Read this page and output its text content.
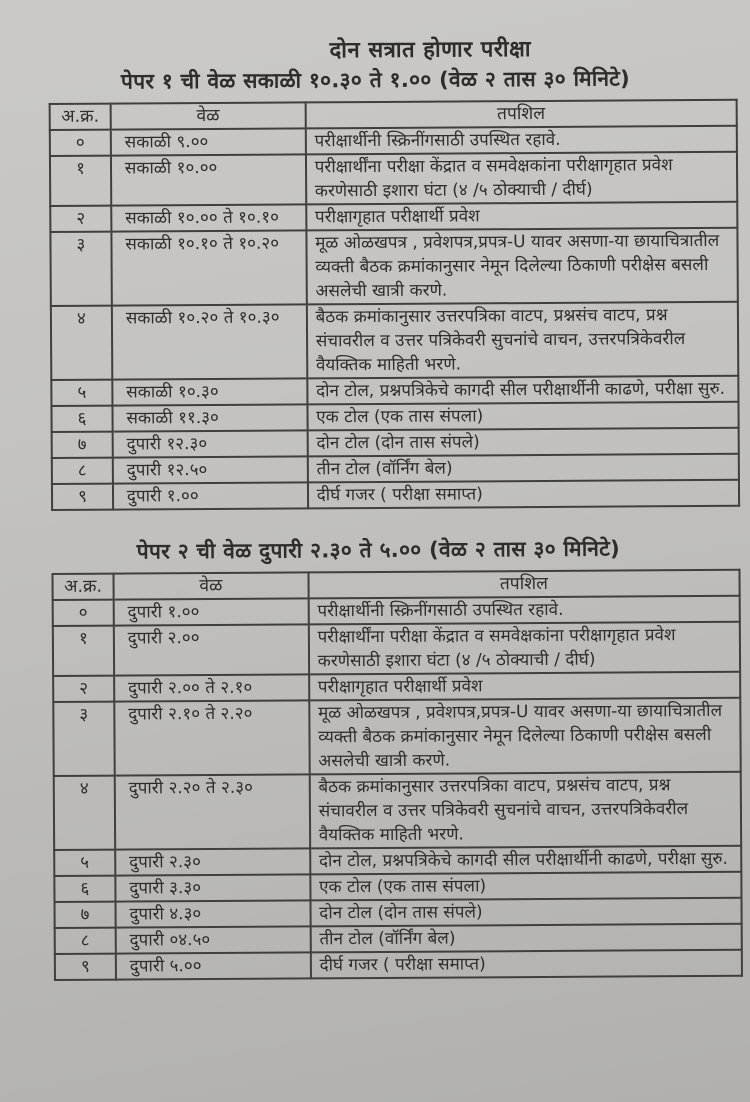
दोन सत्रात होणार परीक्षा
पेपर १ ची वेळ सकाळी १०.३० ते १.०० (वेळ २ तास ३० मिनिटे)
अ.क्र.	वेळ	तपशिल
०	सकाळी ९.००	परीक्षार्थीनी स्क्रिनींगसाठी उपस्थित रहावे.
१	सकाळी १०.००	परीक्षार्थींना परीक्षा केंद्रात व समवेक्षकांना परीक्षागृहात प्रवेश करणेसाठी इशारा घंटा (४ /५ ठोक्याची / दीर्घ)
२	सकाळी १०.०० ते १०.१०	परीक्षागृहात परीक्षार्थी प्रवेश
३	सकाळी १०.१० ते १०.२०	मूळ ओळखपत्र , प्रवेशपत्र,प्रपत्र-U यावर असणा-या छायाचित्रातील व्यक्ती बैठक क्रमांकानुसार नेमून दिलेल्या ठिकाणी परीक्षेस बसली असलेची खात्री करणे.
४	सकाळी १०.२० ते १०.३०	बैठक क्रमांकानुसार उत्तरपत्रिका वाटप, प्रश्नसंच वाटप, प्रश्न संचावरील व उत्तर पत्रिकेवरी सुचनांचे वाचन, उत्तरपत्रिकेवरील वैयक्तिक माहिती भरणे.
५	सकाळी १०.३०	दोन टोल, प्रश्नपत्रिकेचे कागदी सील परीक्षार्थीनी काढणे, परीक्षा सुरु.
६	सकाळी ११.३०	एक टोल (एक तास संपला)
७	दुपारी १२.३०	दोन टोल (दोन तास संपले)
८	दुपारी १२.५०	तीन टोल (वॉर्निंग बेल)
९	दुपारी १.००	दीर्घ गजर ( परीक्षा समाप्त)
पेपर २ ची वेळ दुपारी २.३० ते ५.०० (वेळ २ तास ३० मिनिटे)
अ.क्र.	वेळ	तपशिल
०	दुपारी १.००	परीक्षार्थीनी स्क्रिनींगसाठी उपस्थित रहावे.
१	दुपारी २.००	परीक्षार्थींना परीक्षा केंद्रात व समवेक्षकांना परीक्षागृहात प्रवेश करणेसाठी इशारा घंटा (४ /५ ठोक्याची / दीर्घ)
२	दुपारी २.०० ते २.१०	परीक्षागृहात परीक्षार्थी प्रवेश
३	दुपारी २.१० ते २.२०	मूळ ओळखपत्र , प्रवेशपत्र,प्रपत्र-U यावर असणा-या छायाचित्रातील व्यक्ती बैठक क्रमांकानुसार नेमून दिलेल्या ठिकाणी परीक्षेस बसली असलेची खात्री करणे.
४	दुपारी २.२० ते २.३०	बैठक क्रमांकानुसार उत्तरपत्रिका वाटप, प्रश्नसंच वाटप, प्रश्न संचावरील व उत्तर पत्रिकेवरी सुचनांचे वाचन, उत्तरपत्रिकेवरील वैयक्तिक माहिती भरणे.
५	दुपारी २.३०	दोन टोल, प्रश्नपत्रिकेचे कागदी सील परीक्षार्थीनी काढणे, परीक्षा सुरु.
६	दुपारी ३.३०	एक टोल (एक तास संपला)
७	दुपारी ४.३०	दोन टोल (दोन तास संपले)
८	दुपारी ०४.५०	तीन टोल (वॉर्निंग बेल)
९	दुपारी ५.००	दीर्घ गजर ( परीक्षा समाप्त)
